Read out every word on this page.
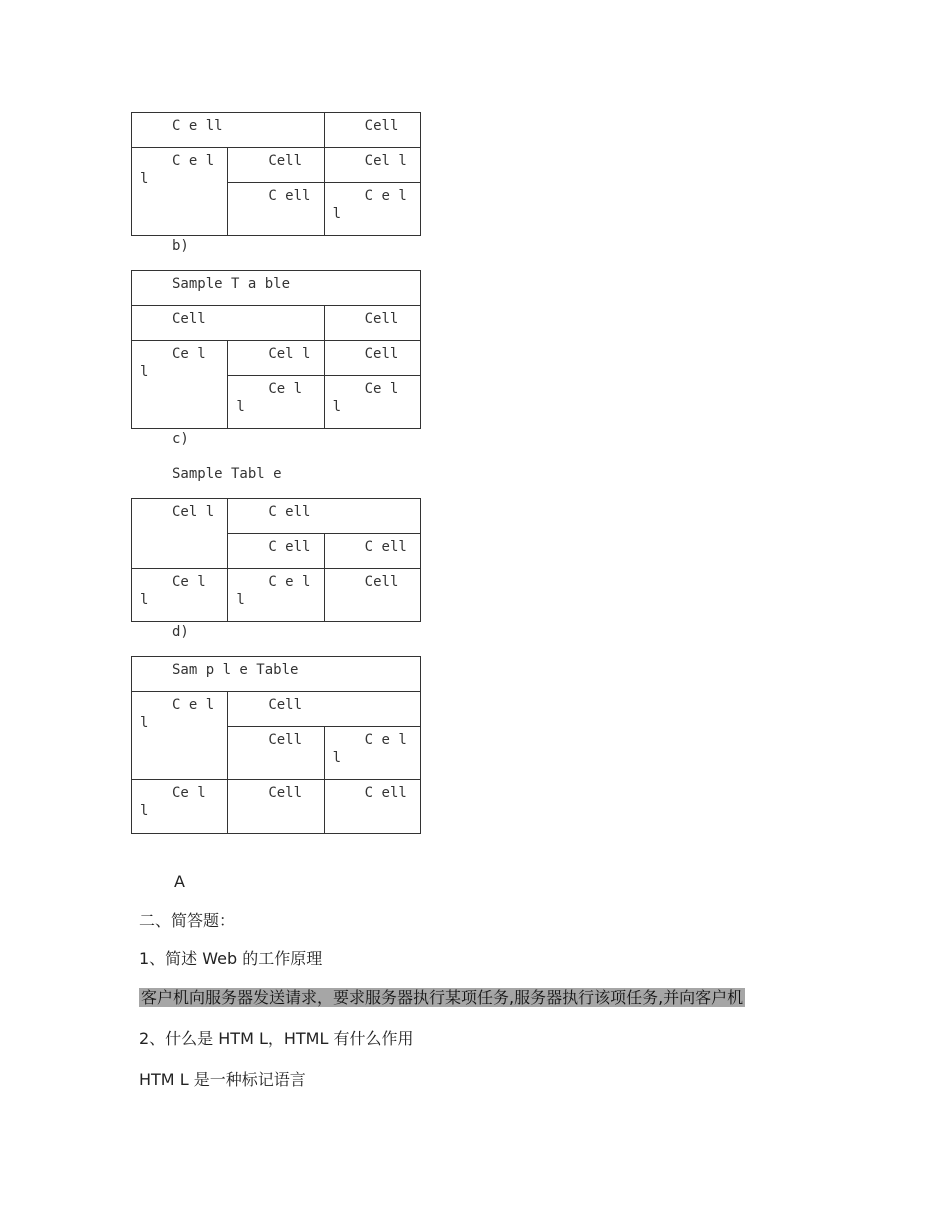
C e ll		Cell
C e l l	Cell	Cel l
	C ell	C e l l
b)
Sample T a ble		
Cell		Cell
Ce l l	Cel l	Cell
	Ce l l	Ce l l
c)
Sample Tabl e
Cel l	C ell	
	C ell	C ell
Ce l l	C e ll	Cell
d)
Sam p l e Table		
C e ll	Cell	
	Cell	C e l l
Ce l l	Cell	C ell
A
二、简答题：
1、简述 Web 的工作原理
客户机向服务器发送请求，要求服务器执行某项任务,服务器执行该项任务,并向客户机
2、什么是 HTM L，HTML 有什么作用
HTM L 是一种标记语言
